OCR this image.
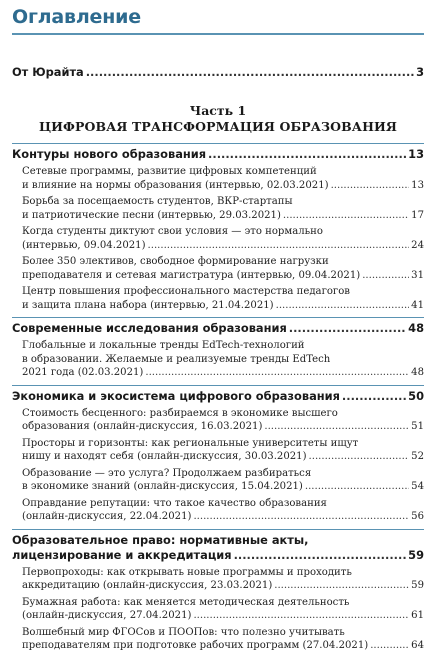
Оглавление
От Юрайта .....	3
Часть 1
ЦИФРОВАЯ ТРАНСФОРМАЦИЯ ОБРАЗОВАНИЯ
Контуры нового образования .....	13
Сетевые программы, развитие цифровых компетенций
и влияние на нормы образования (интервью, 02.03.2021) .....	13
Борьба за посещаемость студентов, ВКР-стартапы
и патриотические песни (интервью, 29.03.2021) .....	17
Когда студенты диктуют свои условия — это нормально
(интервью, 09.04.2021) .....	24
Более 350 элективов, свободное формирование нагрузки
преподавателя и сетевая магистратура (интервью, 09.04.2021) .....	31
Центр повышения профессионального мастерства педагогов
и защита плана набора (интервью, 21.04.2021) .....	41
Современные исследования образования .....	48
Глобальные и локальные тренды EdTech-технологий
в образовании. Желаемые и реализуемые тренды EdTech
2021 года (02.03.2021) .....	48
Экономика и экосистема цифрового образования .....	50
Стоимость бесценного: разбираемся в экономике высшего
образования (онлайн-дискуссия, 16.03.2021) .....	51
Просторы и горизонты: как региональные университеты ищут
нишу и находят себя (онлайн-дискуссия, 30.03.2021) .....	52
Образование — это услуга? Продолжаем разбираться
в экономике знаний (онлайн-дискуссия, 15.04.2021) .....	54
Оправдание репутации: что такое качество образования
(онлайн-дискуссия, 22.04.2021) .....	56
Образовательное право: нормативные акты,
лицензирование и аккредитация .....	59
Первопроходы: как открывать новые программы и проходить
аккредитацию (онлайн-дискуссия, 23.03.2021) .....	59
Бумажная работа: как меняется методическая деятельность
(онлайн-дискуссия, 27.04.2021) .....	61
Волшебный мир ФГОСов и ПООПов: что полезно учитывать
преподавателям при подготовке рабочих программ (27.04.2021) .....	64
